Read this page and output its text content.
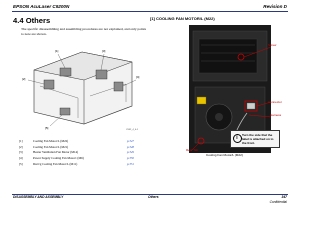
EPSON AcuLaser C9200N	Revision D
4.4 Others
The specific disassembling and assembling procedures are not explained, and only points to note are shown.
[1]
[2]
[3]
[4]
[5]	C592_4_4-1
[1]	Cooling Fan Motor/L (M22)	p.347
[2]	Cooling Fan Motor/L (M21)	p.348
[3]	Heater Ventilation Fan Motor (M14)	p.349
[4]	Power Supply Cooling Fan Motor1 (M6)	p.350
[5]	Duct/g Cooling Fan Motor/L (M11)	p.351
[1] COOLING FAN MOTOR/L (M22)
Screw
Connector
Harness
Rear Tab
i	Turn the side that the label is attached on to the front.
Cooling Fan Motor/L (M22)
DISASSEMBLY AND ASSEMBLY	Others	347
Confidential
